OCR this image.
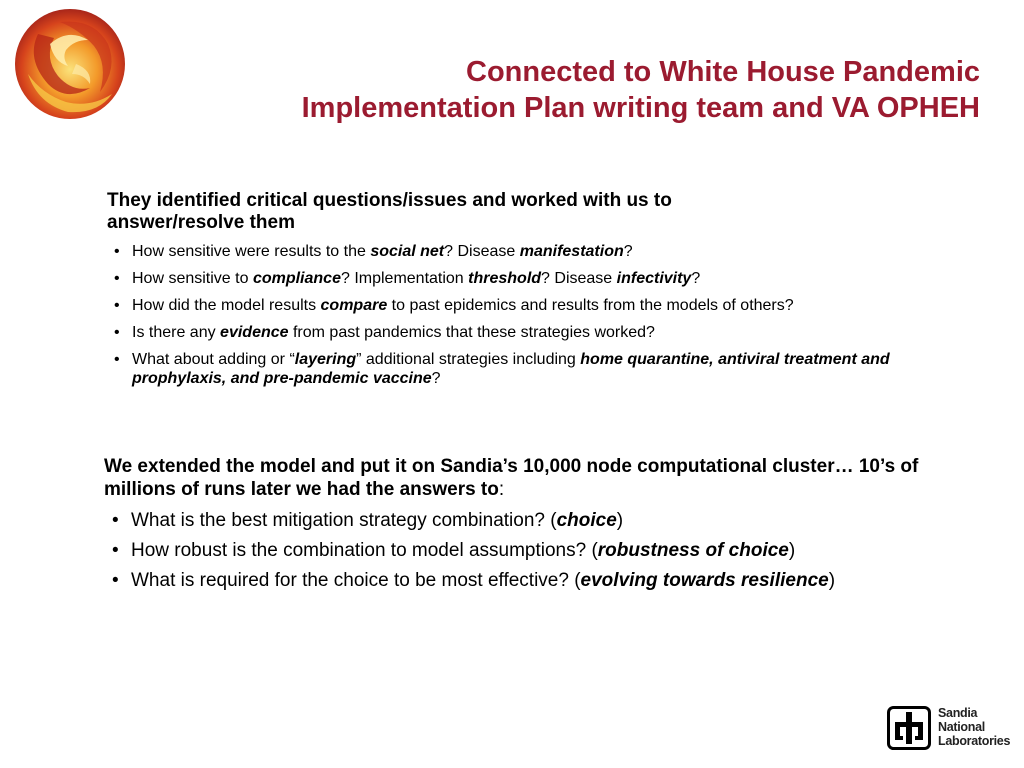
Connected to White House Pandemic
Implementation Plan writing team and VA OPHEH

They identified critical questions/issues and worked with us to answer/resolve them

• How sensitive were results to the social net? Disease manifestation?
• How sensitive to compliance? Implementation threshold? Disease infectivity?
• How did the model results compare to past epidemics and results from the models of others?
• Is there any evidence from past pandemics that these strategies worked?
• What about adding or “layering” additional strategies including home quarantine, antiviral treatment and prophylaxis, and pre-pandemic vaccine?

We extended the model and put it on Sandia’s 10,000 node computational cluster… 10’s of millions of runs later we had the answers to:

• What is the best mitigation strategy combination? (choice)
• How robust is the combination to model assumptions? (robustness of choice)
• What is required for the choice to be most effective? (evolving towards resilience)
Sandia
National
Laboratories
